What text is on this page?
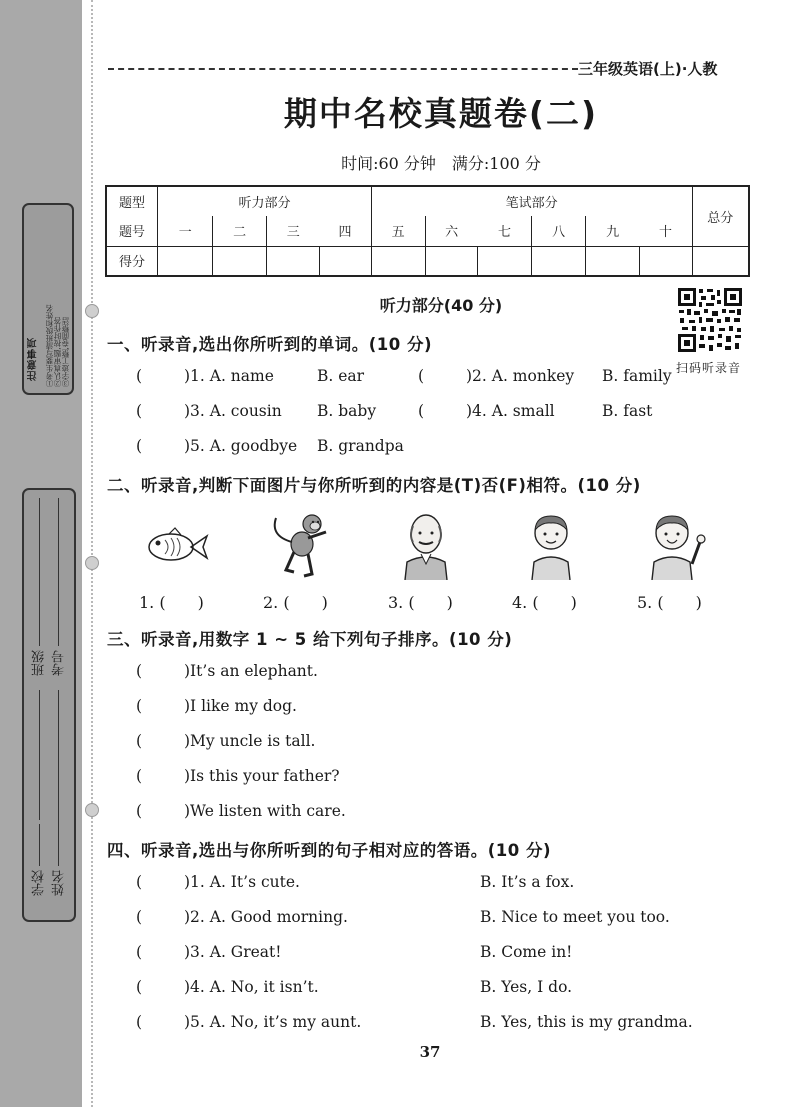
注意事项 ①考生要写清班级和姓名 ②认真审题,按时作答 ③字迹工整,卷面整洁
班级 考号
学校 姓名
三年级英语(上)·人教
期中名校真题卷(二)
时间:60 分钟　满分:100 分
题型	听力部分				笔试部分						总分
题号	一	二	三	四	五	六	七	八	九	十	
得分											
听力部分(40 分)
扫码听录音
一、听录音,选出你所听到的单词。(10 分)
(	)1. A. name	B. ear	(	)2. A. monkey B. family
(	)3. A. cousin B. baby	(	)4. A. small	B. fast
(	)5. A. goodbye B. grandpa
二、听录音,判断下面图片与你所听到的内容是(T)否(F)相符。(10 分)
1. (　　)	2. (　　)	3. (　　)	4. (　　)	5. (　　)
三、听录音,用数字 1 ~ 5 给下列句子排序。(10 分)
(	)It’s an elephant.
(	)I like my dog.
(	)My uncle is tall.
(	)Is this your father?
(	)We listen with care.
四、听录音,选出与你所听到的句子相对应的答语。(10 分)
(	)1. A. It’s cute.	B. It’s a fox.
(	)2. A. Good morning.	B. Nice to meet you too.
(	)3. A. Great!	B. Come in!
(	)4. A. No, it isn’t.	B. Yes, I do.
(	)5. A. No, it’s my aunt.	B. Yes, this is my grandma.
37
